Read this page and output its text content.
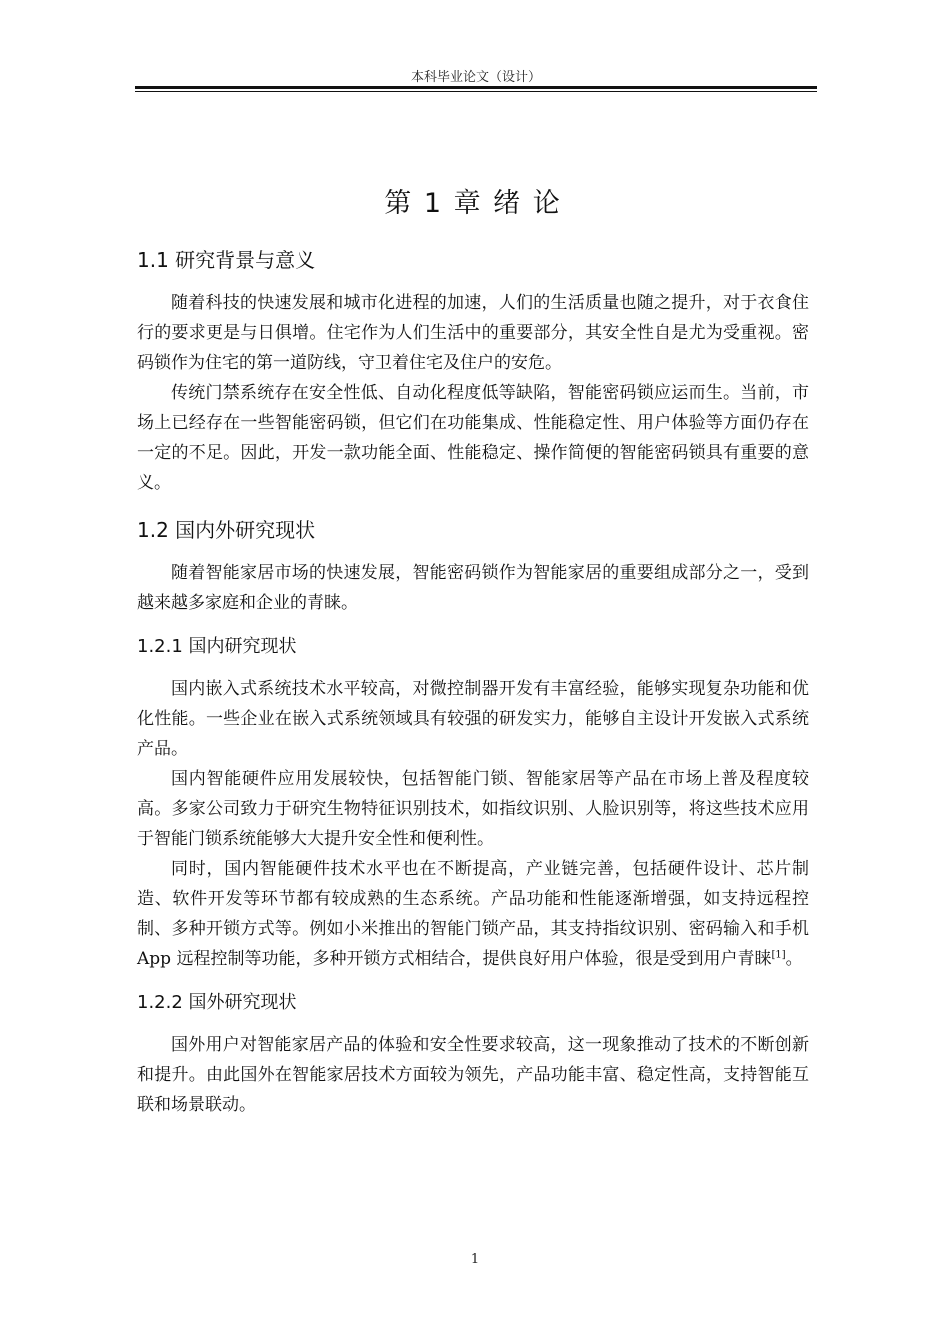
本科毕业论文（设计）
第 1 章 绪 论
1.1 研究背景与意义

随着科技的快速发展和城市化进程的加速，人们的生活质量也随之提升，对于衣食住行的要求更是与日俱增。住宅作为人们生活中的重要部分，其安全性自是尤为受重视。密码锁作为住宅的第一道防线，守卫着住宅及住户的安危。

传统门禁系统存在安全性低、自动化程度低等缺陷，智能密码锁应运而生。当前，市场上已经存在一些智能密码锁，但它们在功能集成、性能稳定性、用户体验等方面仍存在一定的不足。因此，开发一款功能全面、性能稳定、操作简便的智能密码锁具有重要的意义。

1.2 国内外研究现状

随着智能家居市场的快速发展，智能密码锁作为智能家居的重要组成部分之一，受到越来越多家庭和企业的青睐。

1.2.1 国内研究现状

国内嵌入式系统技术水平较高，对微控制器开发有丰富经验，能够实现复杂功能和优化性能。一些企业在嵌入式系统领域具有较强的研发实力，能够自主设计开发嵌入式系统产品。

国内智能硬件应用发展较快，包括智能门锁、智能家居等产品在市场上普及程度较高。多家公司致力于研究生物特征识别技术，如指纹识别、人脸识别等，将这些技术应用于智能门锁系统能够大大提升安全性和便利性。

同时，国内智能硬件技术水平也在不断提高，产业链完善，包括硬件设计、芯片制造、软件开发等环节都有较成熟的生态系统。产品功能和性能逐渐增强，如支持远程控制、多种开锁方式等。例如小米推出的智能门锁产品，其支持指纹识别、密码输入和手机 App 远程控制等功能，多种开锁方式相结合，提供良好用户体验，很是受到用户青睐[1]。

1.2.2 国外研究现状

国外用户对智能家居产品的体验和安全性要求较高，这一现象推动了技术的不断创新和提升。由此国外在智能家居技术方面较为领先，产品功能丰富、稳定性高，支持智能互联和场景联动。

1
